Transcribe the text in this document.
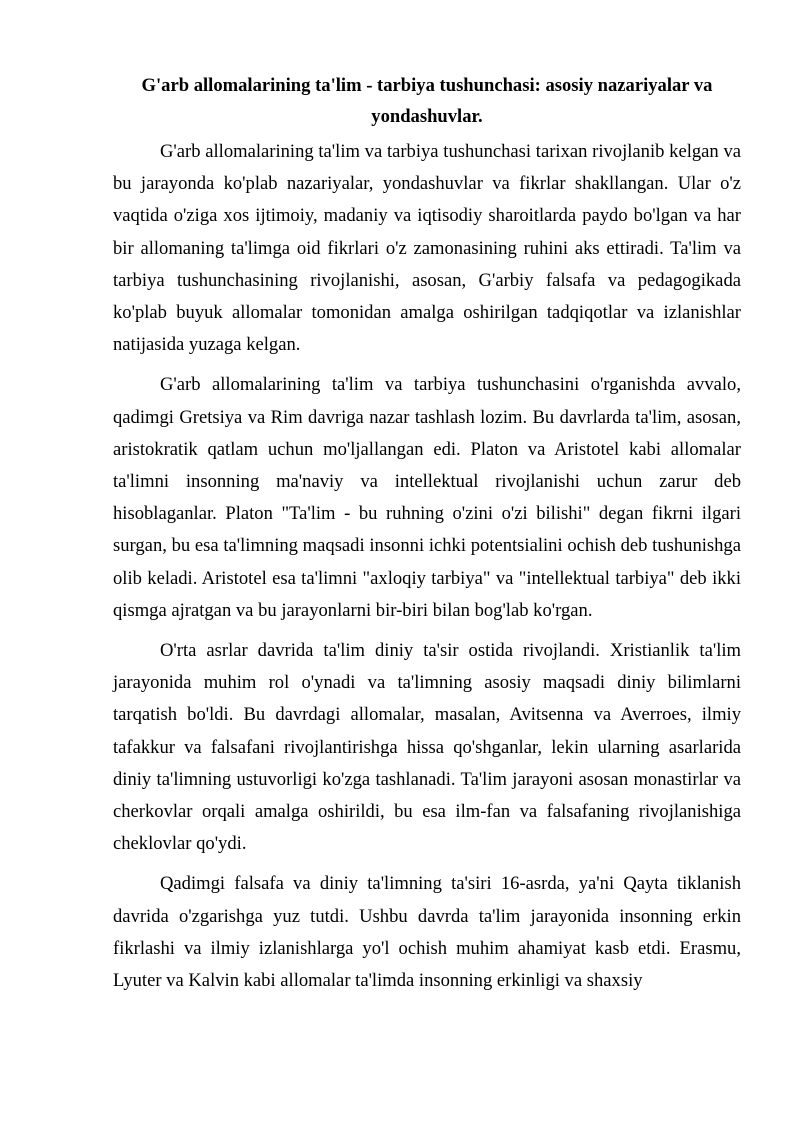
G'arb allomalarining ta'lim - tarbiya tushunchasi: asosiy nazariyalar va yondashuvlar.

G'arb allomalarining ta'lim va tarbiya tushunchasi tarixan rivojlanib kelgan va bu jarayonda ko'plab nazariyalar, yondashuvlar va fikrlar shakllangan. Ular o'z vaqtida o'ziga xos ijtimoiy, madaniy va iqtisodiy sharoitlarda paydo bo'lgan va har bir allomaning ta'limga oid fikrlari o'z zamonasining ruhini aks ettiradi. Ta'lim va tarbiya tushunchasining rivojlanishi, asosan, G'arbiy falsafa va pedagogikada ko'plab buyuk allomalar tomonidan amalga oshirilgan tadqiqotlar va izlanishlar natijasida yuzaga kelgan.

G'arb allomalarining ta'lim va tarbiya tushunchasini o'rganishda avvalo, qadimgi Gretsiya va Rim davriga nazar tashlash lozim. Bu davrlarda ta'lim, asosan, aristokratik qatlam uchun mo'ljallangan edi. Platon va Aristotel kabi allomalar ta'limni insonning ma'naviy va intellektual rivojlanishi uchun zarur deb hisoblaganlar. Platon "Ta'lim - bu ruhning o'zini o'zi bilishi" degan fikrni ilgari surgan, bu esa ta'limning maqsadi insonni ichki potentsialini ochish deb tushunishga olib keladi. Aristotel esa ta'limni "axloqiy tarbiya" va "intellektual tarbiya" deb ikki qismga ajratgan va bu jarayonlarni bir-biri bilan bog'lab ko'rgan.

O'rta asrlar davrida ta'lim diniy ta'sir ostida rivojlandi. Xristianlik ta'lim jarayonida muhim rol o'ynadi va ta'limning asosiy maqsadi diniy bilimlarni tarqatish bo'ldi. Bu davrdagi allomalar, masalan, Avitsenna va Averroes, ilmiy tafakkur va falsafani rivojlantirishga hissa qo'shganlar, lekin ularning asarlarida diniy ta'limning ustuvorligi ko'zga tashlanadi. Ta'lim jarayoni asosan monastirlar va cherkovlar orqali amalga oshirildi, bu esa ilm-fan va falsafaning rivojlanishiga cheklovlar qo'ydi.

Qadimgi falsafa va diniy ta'limning ta'siri 16-asrda, ya'ni Qayta tiklanish davrida o'zgarishga yuz tutdi. Ushbu davrda ta'lim jarayonida insonning erkin fikrlashi va ilmiy izlanishlarga yo'l ochish muhim ahamiyat kasb etdi. Erasmu, Lyuter va Kalvin kabi allomalar ta'limda insonning erkinligi va shaxsiy
